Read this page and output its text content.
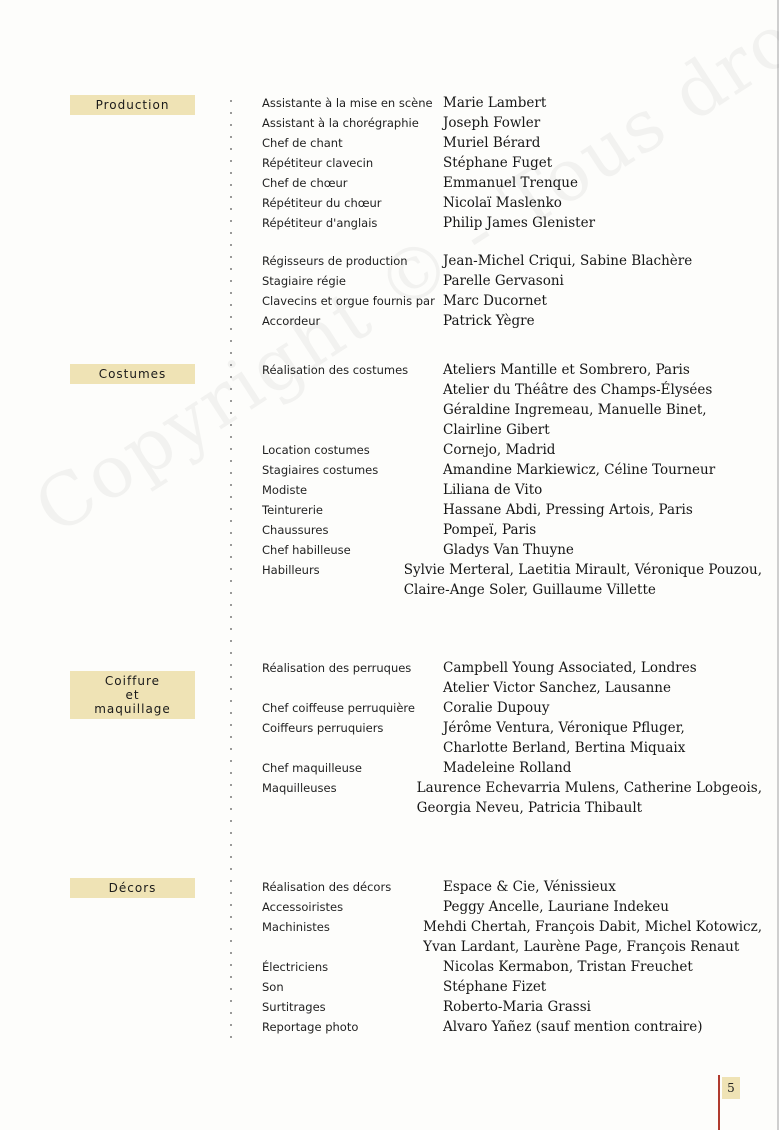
Production	Assistante à la mise en scène Marie Lambert
Assistant à la chorégraphie	Joseph Fowler
Chef de chant	Muriel Bérard
Répétiteur clavecin	Stéphane Fuget
Chef de chœur	Emmanuel Trenque
Répétiteur du chœur	Nicolaï Maslenko
Répétiteur d'anglais	Philip James Glenister
Régisseurs de production	Jean-Michel Criqui, Sabine Blachère
Stagiaire régie	Parelle Gervasoni
Clavecins et orgue fournis par Marc Ducornet
Accordeur	Patrick Yègre
Costumes	Réalisation des costumes	Ateliers Mantille et Sombrero, Paris
Atelier du Théâtre des Champs-Élysées
Géraldine Ingremeau, Manuelle Binet,
Clairline Gibert
Location costumes	Cornejo, Madrid
Stagiaires costumes	Amandine Markiewicz, Céline Tourneur
Modiste	Liliana de Vito
Teinturerie	Hassane Abdi, Pressing Artois, Paris
Chaussures	Pompeï, Paris
Chef habilleuse	Gladys Van Thuyne
Habilleurs	Sylvie Merteral, Laetitia Mirault, Véronique Pouzou,
Claire-Ange Soler, Guillaume Villette
Coiffure
et
maquillage
Réalisation des perruques	Campbell Young Associated, Londres
Atelier Victor Sanchez, Lausanne
Chef coiffeuse perruquière	Coralie Dupouy
Coiffeurs perruquiers	Jérôme Ventura, Véronique Pfluger,
Charlotte Berland, Bertina Miquaix
Chef maquilleuse	Madeleine Rolland
Maquilleuses	Laurence Echevarria Mulens, Catherine Lobgeois,
Georgia Neveu, Patricia Thibault
Décors	Réalisation des décors	Espace & Cie, Vénissieux
Accessoiristes	Peggy Ancelle, Lauriane Indekeu
Machinistes	Mehdi Chertah, François Dabit, Michel Kotowicz,
Yvan Lardant, Laurène Page, François Renaut
Électriciens	Nicolas Kermabon, Tristan Freuchet
Son	Stéphane Fizet
Surtitrages	Roberto-Maria Grassi
Reportage photo	Alvaro Yañez (sauf mention contraire)
5
